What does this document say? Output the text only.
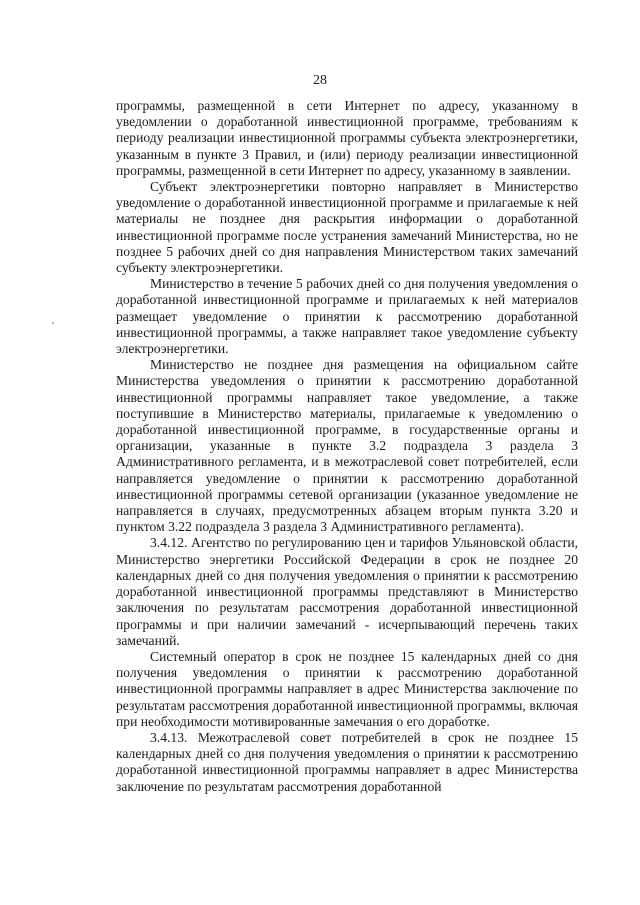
28

программы, размещенной в сети Интернет по адресу, указанному в уведомлении о доработанной инвестиционной программе, требованиям к периоду реализации инвестиционной программы субъекта электроэнергетики, указанным в пункте 3 Правил, и (или) периоду реализации инвестиционной программы, размещенной в сети Интернет по адресу, указанному в заявлении.

Субъект электроэнергетики повторно направляет в Министерство уведомление о доработанной инвестиционной программе и прилагаемые к ней материалы не позднее дня раскрытия информации о доработанной инвестиционной программе после устранения замечаний Министерства, но не позднее 5 рабочих дней со дня направления Министерством таких замечаний субъекту электроэнергетики.

Министерство в течение 5 рабочих дней со дня получения уведомления о доработанной инвестиционной программе и прилагаемых к ней материалов размещает уведомление о принятии к рассмотрению доработанной инвестиционной программы, а также направляет такое уведомление субъекту электроэнергетики.

Министерство не позднее дня размещения на официальном сайте Министерства уведомления о принятии к рассмотрению доработанной инвестиционной программы направляет такое уведомление, а также поступившие в Министерство материалы, прилагаемые к уведомлению о доработанной инвестиционной программе, в государственные органы и организации, указанные в пункте 3.2 подраздела 3 раздела 3 Административного регламента, и в межотраслевой совет потребителей, если направляется уведомление о принятии к рассмотрению доработанной инвестиционной программы сетевой организации (указанное уведомление не направляется в случаях, предусмотренных абзацем вторым пункта 3.20 и пунктом 3.22 подраздела 3 раздела 3 Административного регламента).

3.4.12. Агентство по регулированию цен и тарифов Ульяновской области, Министерство энергетики Российской Федерации в срок не позднее 20 календарных дней со дня получения уведомления о принятии к рассмотрению доработанной инвестиционной программы представляют в Министерство заключения по результатам рассмотрения доработанной инвестиционной программы и при наличии замечаний - исчерпывающий перечень таких замечаний.

Системный оператор в срок не позднее 15 календарных дней со дня получения уведомления о принятии к рассмотрению доработанной инвестиционной программы направляет в адрес Министерства заключение по результатам рассмотрения доработанной инвестиционной программы, включая при необходимости мотивированные замечания о его доработке.

3.4.13. Межотраслевой совет потребителей в срок не позднее 15 календарных дней со дня получения уведомления о принятии к рассмотрению доработанной инвестиционной программы направляет в адрес Министерства заключение по результатам рассмотрения доработанной
